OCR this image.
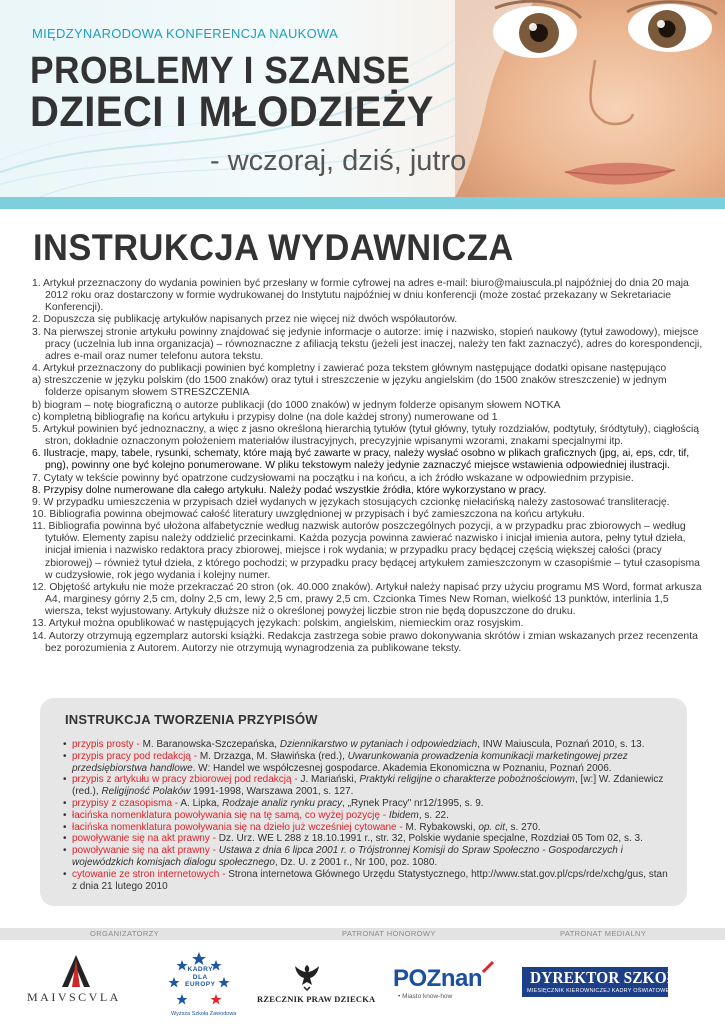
MIĘDZYNARODOWA KONFERENCJA NAUKOWA
PROBLEMY I SZANSE
DZIECI I MŁODZIEŻY
- wczoraj, dziś, jutro
INSTRUKCJA WYDAWNICZA

1. Artykuł przeznaczony do wydania powinien być przesłany w formie cyfrowej na adres e-mail: biuro@maiuscula.pl najpóźniej do dnia 20 maja 2012 roku oraz dostarczony w formie wydrukowanej do Instytutu najpóźniej w dniu konferencji (może zostać przekazany w Sekretariacie Konferencji).

2. Dopuszcza się publikację artykułów napisanych przez nie więcej niż dwóch współautorów.

3. Na pierwszej stronie artykułu powinny znajdować się jedynie informacje o autorze: imię i nazwisko, stopień naukowy (tytuł zawodowy), miejsce pracy (uczelnia lub inna organizacja) – równoznaczne z afiliacją tekstu (jeżeli jest inaczej, należy ten fakt zaznaczyć), adres do korespondencji, adres e-mail oraz numer telefonu autora tekstu.

4. Artykuł przeznaczony do publikacji powinien być kompletny i zawierać poza tekstem głównym następujące dodatki opisane następująco

a) streszczenie w języku polskim (do 1500 znaków) oraz tytuł i streszczenie w języku angielskim (do 1500 znaków streszczenie) w jednym folderze opisanym słowem STRESZCZENIA

b) biogram – notę biograficzną o autorze publikacji (do 1000 znaków) w jednym folderze opisanym słowem NOTKA

c) kompletną bibliografię na końcu artykułu i przypisy dolne (na dole każdej strony) numerowane od 1

5. Artykuł powinien być jednoznaczny, a więc z jasno określoną hierarchią tytułów (tytuł główny, tytuły rozdziałów, podtytuły, śródtytuły), ciągłością stron, dokładnie oznaczonym położeniem materiałów ilustracyjnych, precyzyjnie wpisanymi wzorami, znakami specjalnymi itp.

6. Ilustracje, mapy, tabele, rysunki, schematy, które mają być zawarte w pracy, należy wysłać osobno w plikach graficznych (jpg, ai, eps, cdr, tif, png), powinny one być kolejno ponumerowane. W pliku tekstowym należy jedynie zaznaczyć miejsce wstawienia odpowiedniej ilustracji.

7. Cytaty w tekście powinny być opatrzone cudzysłowami na początku i na końcu, a ich źródło wskazane w odpowiednim przypisie.

8. Przypisy dolne numerowane dla całego artykułu. Należy podać wszystkie źródła, które wykorzystano w pracy.

9. W przypadku umieszczenia w przypisach dzieł wydanych w językach stosujących czcionkę niełacińską należy zastosować transliterację.

10. Bibliografia powinna obejmować całość literatury uwzględnionej w przypisach i być zamieszczona na końcu artykułu.

11. Bibliografia powinna być ułożona alfabetycznie według nazwisk autorów poszczególnych pozycji, a w przypadku prac zbiorowych – według tytułów. Elementy zapisu należy oddzielić przecinkami. Każda pozycja powinna zawierać nazwisko i inicjał imienia autora, pełny tytuł dzieła, inicjał imienia i nazwisko redaktora pracy zbiorowej, miejsce i rok wydania; w przypadku pracy będącej częścią większej całości (pracy zbiorowej) – również tytuł dzieła, z którego pochodzi; w przypadku pracy będącej artykułem zamieszczonym w czasopiśmie – tytuł czasopisma w cudzysłowie, rok jego wydania i kolejny numer.

12. Objętość artykułu nie może przekraczać 20 stron (ok. 40.000 znaków). Artykuł należy napisać przy użyciu programu MS Word, format arkusza A4, marginesy górny 2,5 cm, dolny 2,5 cm, lewy 2,5 cm, prawy 2,5 cm. Czcionka Times New Roman, wielkość 13 punktów, interlinia 1,5 wiersza, tekst wyjustowany. Artykuły dłuższe niż o określonej powyżej liczbie stron nie będą dopuszczone do druku.

13. Artykuł można opublikować w następujących językach: polskim, angielskim, niemieckim oraz rosyjskim.

14. Autorzy otrzymują egzemplarz autorski książki. Redakcja zastrzega sobie prawo dokonywania skrótów i zmian wskazanych przez recenzenta bez porozumienia z Autorem. Autorzy nie otrzymują wynagrodzenia za publikowane teksty.

INSTRUKCJA TWORZENIA PRZYPISÓW
• przypis prosty - M. Baranowska-Szczepańska, Dziennikarstwo w pytaniach i odpowiedziach, INW Maiuscula, Poznań 2010, s. 13.
• przypis pracy pod redakcją - M. Drzazga, M. Sławińska (red.), Uwarunkowania prowadzenia komunikacji marketingowej przez przedsiębiorstwa handlowe. W: Handel we współczesnej gospodarce. Akademia Ekonomiczna w Poznaniu, Poznań 2006.
• przypis z artykułu w pracy zbiorowej pod redakcją - J. Mariański, Praktyki religijne o charakterze pobożnościowym, [w:] W. Zdaniewicz (red.), Religijność Polaków 1991-1998, Warszawa 2001, s. 127.
• przypisy z czasopisma - A. Lipka, Rodzaje analiz rynku pracy, „Rynek Pracy" nr12/1995, s. 9.
• łacińska nomenklatura powoływania się na tę samą, co wyżej pozycję - Ibidem, s. 22.
• łacińska nomenklatura powoływania się na dzieło już wcześniej cytowane - M. Rybakowski, op. cit, s. 270.
• powoływanie się na akt prawny - Dz. Urz. WE L 288 z 18.10.1991 r., str. 32, Polskie wydanie specjalne, Rozdział 05 Tom 02, s. 3.
• powoływanie się na akt prawny - Ustawa z dnia 6 lipca 2001 r. o Trójstronnej Komisji do Spraw Społeczno - Gospodarczych i wojewódzkich komisjach dialogu społecznego, Dz. U. z 2001 r., Nr 100, poz. 1080.
• cytowanie ze stron internetowych - Strona internetowa Głównego Urzędu Statystycznego, http://www.stat.gov.pl/cps/rde/xchg/gus, stan z dnia 21 lutego 2010
ORGANIZATORZY	PATRONAT HONOROWY	PATRONAT MEDIALNY
MAIVSCVLA
KADRY
DLA
EUROPY
Wyższa Szkoła Zawodowa
RZECZNIK PRAW DZIECKA
POZnan
• Miasto know-how
DYREKTOR SZKOŁY
MIESIĘCZNIK KIEROWNICZEJ KADRY OŚWIATOWEJ
